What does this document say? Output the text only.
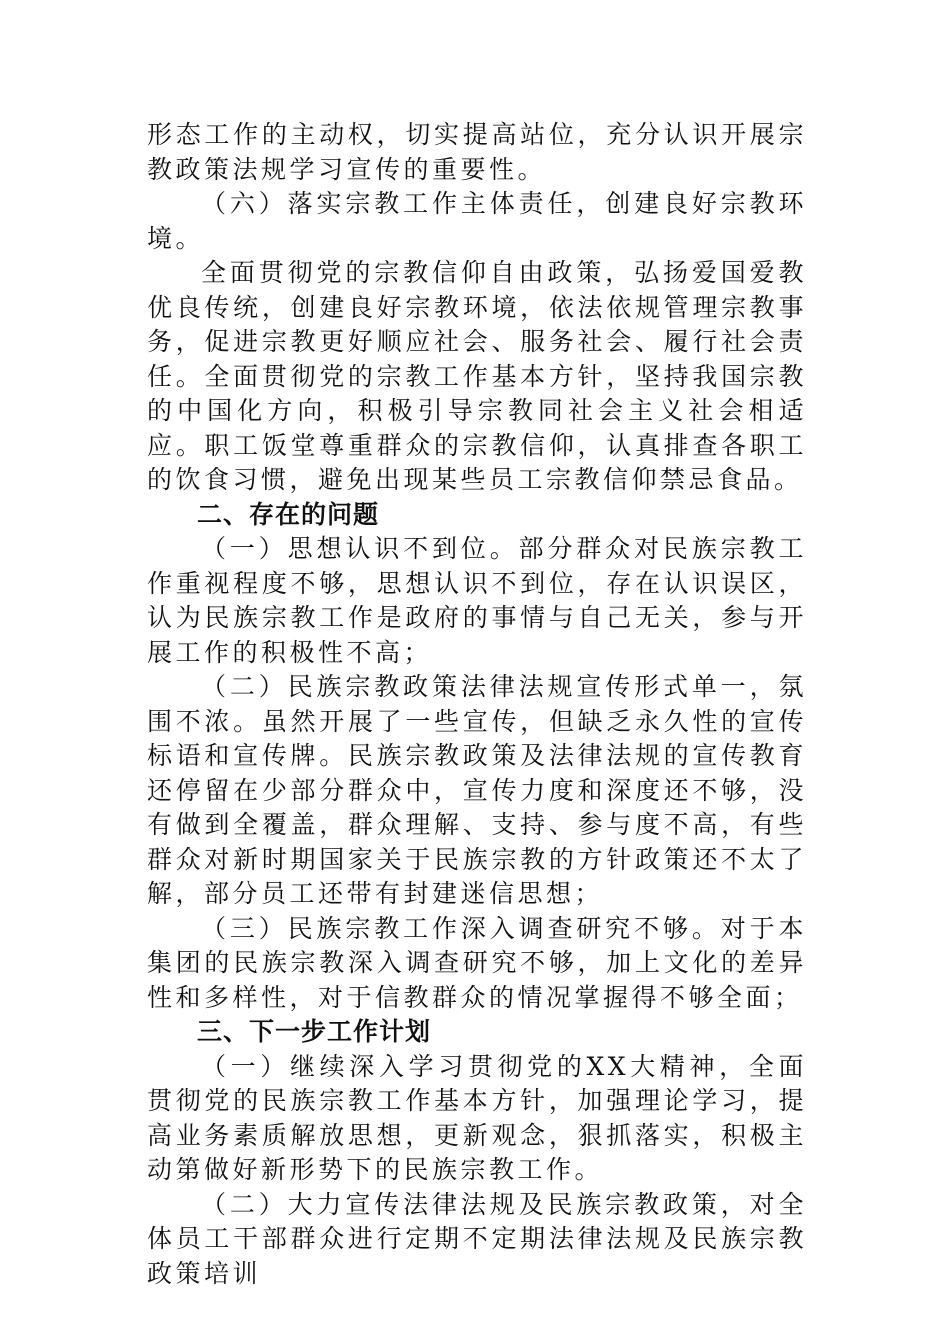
形态工作的主动权，切实提高站位，充分认识开展宗教政策法规学习宣传的重要性。

（六）落实宗教工作主体责任，创建良好宗教环境。

全面贯彻党的宗教信仰自由政策，弘扬爱国爱教优良传统，创建良好宗教环境，依法依规管理宗教事务，促进宗教更好顺应社会、服务社会、履行社会责任。全面贯彻党的宗教工作基本方针，坚持我国宗教的中国化方向，积极引导宗教同社会主义社会相适应。职工饭堂尊重群众的宗教信仰，认真排查各职工的饮食习惯，避免出现某些员工宗教信仰禁忌食品。

二、存在的问题

（一）思想认识不到位。部分群众对民族宗教工作重视程度不够，思想认识不到位，存在认识误区，认为民族宗教工作是政府的事情与自己无关，参与开展工作的积极性不高；

（二）民族宗教政策法律法规宣传形式单一，氛围不浓。虽然开展了一些宣传，但缺乏永久性的宣传标语和宣传牌。民族宗教政策及法律法规的宣传教育还停留在少部分群众中，宣传力度和深度还不够，没有做到全覆盖，群众理解、支持、参与度不高，有些群众对新时期国家关于民族宗教的方针政策还不太了解，部分员工还带有封建迷信思想；

（三）民族宗教工作深入调查研究不够。对于本集团的民族宗教深入调查研究不够，加上文化的差异性和多样性，对于信教群众的情况掌握得不够全面；

三、下一步工作计划

（一）继续深入学习贯彻党的XX大精神，全面贯彻党的民族宗教工作基本方针，加强理论学习，提高业务素质解放思想，更新观念，狠抓落实，积极主动第做好新形势下的民族宗教工作。

（二）大力宣传法律法规及民族宗教政策，对全体员工干部群众进行定期不定期法律法规及民族宗教政策培训
